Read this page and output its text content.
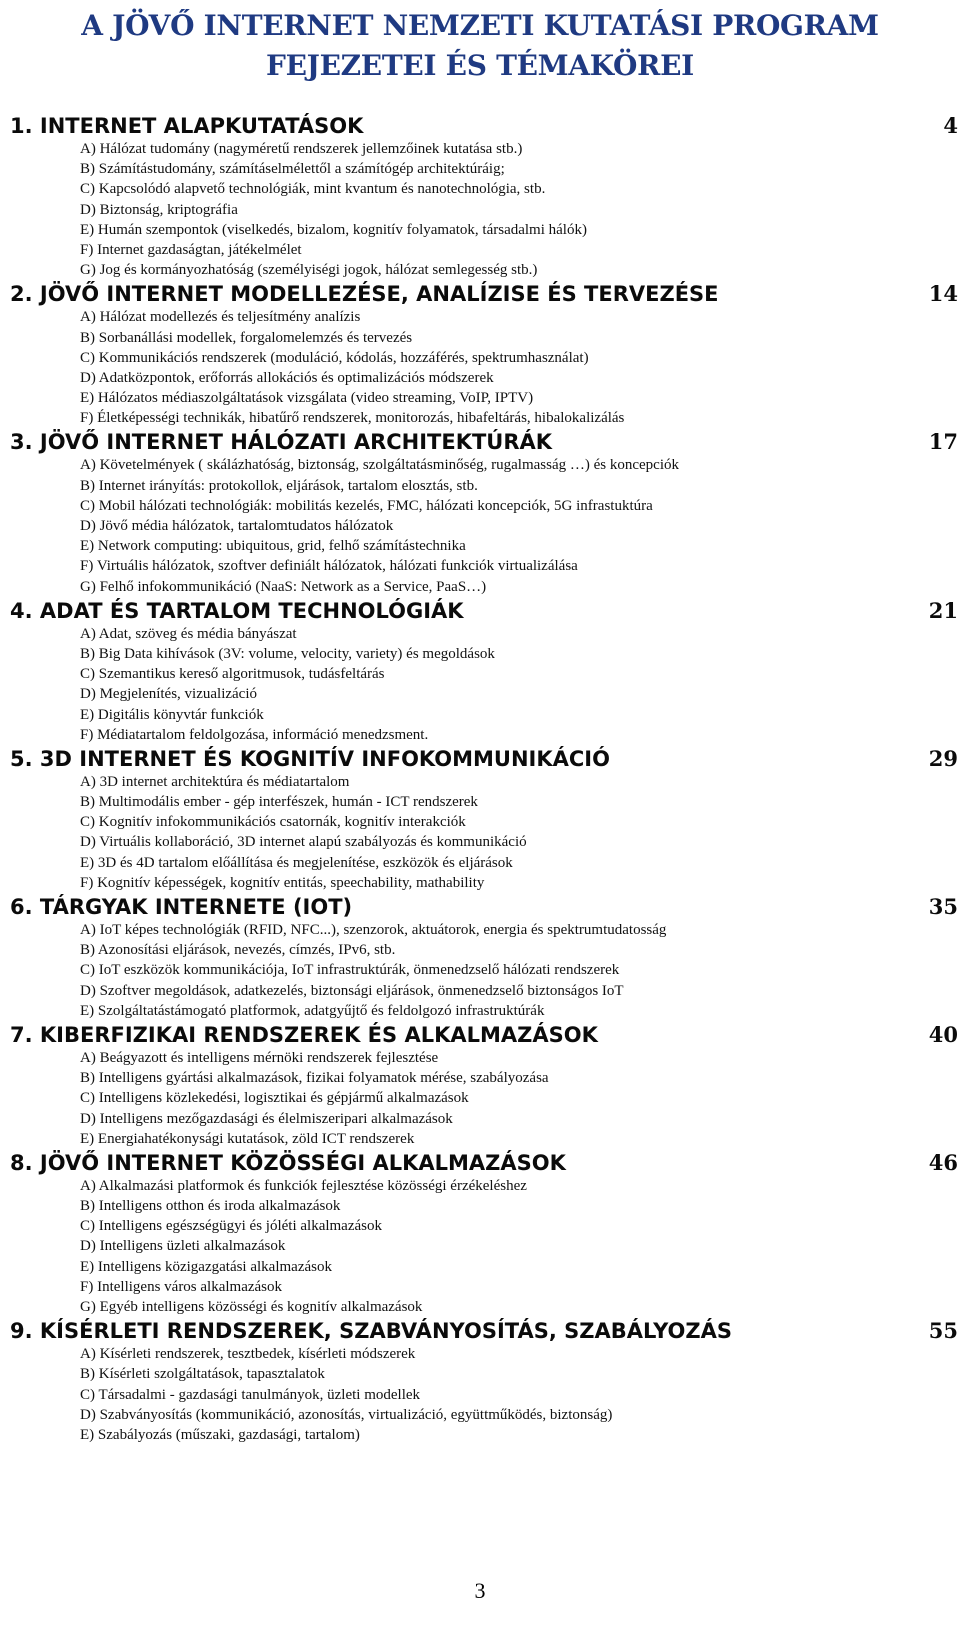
A JÖVŐ INTERNET NEMZETI KUTATÁSI PROGRAM
FEJEZETEI ÉS TÉMAKÖREI
1. INTERNET ALAPKUTATÁSOK	4
A) Hálózat tudomány (nagyméretű rendszerek jellemzőinek kutatása stb.)
B) Számítástudomány, számításelmélettől a számítógép architektúráig;
C) Kapcsolódó alapvető technológiák, mint kvantum és nanotechnológia, stb.
D) Biztonság, kriptográfia
E) Humán szempontok (viselkedés, bizalom, kognitív folyamatok, társadalmi hálók)
F) Internet gazdaságtan, játékelmélet
G) Jog és kormányozhatóság (személyiségi jogok, hálózat semlegesség stb.)
2. JÖVŐ INTERNET MODELLEZÉSE, ANALÍZISE ÉS TERVEZÉSE	14
A) Hálózat modellezés és teljesítmény analízis
B) Sorbanállási modellek, forgalomelemzés és tervezés
C) Kommunikációs rendszerek (moduláció, kódolás, hozzáférés, spektrumhasználat)
D) Adatközpontok, erőforrás allokációs és optimalizációs módszerek
E) Hálózatos médiaszolgáltatások vizsgálata (video streaming, VoIP, IPTV)
F) Életképességi technikák, hibatűrő rendszerek, monitorozás, hibafeltárás, hibalokalizálás
3. JÖVŐ INTERNET HÁLÓZATI ARCHITEKTÚRÁK	17
A) Követelmények ( skálázhatóság, biztonság, szolgáltatásminőség, rugalmasság …) és koncepciók
B) Internet irányítás: protokollok, eljárások, tartalom elosztás, stb.
C) Mobil hálózati technológiák: mobilitás kezelés, FMC, hálózati koncepciók, 5G infrastuktúra
D) Jövő média hálózatok, tartalomtudatos hálózatok
E) Network computing: ubiquitous, grid, felhő számítástechnika
F) Virtuális hálózatok, szoftver definiált hálózatok, hálózati funkciók virtualizálása
G) Felhő infokommunikáció (NaaS: Network as a Service, PaaS…)
4. ADAT ÉS TARTALOM TECHNOLÓGIÁK	21
A) Adat, szöveg és média bányászat
B) Big Data kihívások (3V: volume, velocity, variety) és megoldások
C) Szemantikus kereső algoritmusok, tudásfeltárás
D) Megjelenítés, vizualizáció
E) Digitális könyvtár funkciók
F) Médiatartalom feldolgozása, információ menedzsment.
5. 3D INTERNET ÉS KOGNITÍV INFOKOMMUNIKÁCIÓ	29
A) 3D internet architektúra és médiatartalom
B) Multimodális ember - gép interfészek, humán - ICT rendszerek
C) Kognitív infokommunikációs csatornák, kognitív interakciók
D) Virtuális kollaboráció, 3D internet alapú szabályozás és kommunikáció
E) 3D és 4D tartalom előállítása és megjelenítése, eszközök és eljárások
F) Kognitív képességek, kognitív entitás, speechability, mathability
6. TÁRGYAK INTERNETE (IOT)	35
A) IoT képes technológiák (RFID, NFC...), szenzorok, aktuátorok, energia és spektrumtudatosság
B) Azonosítási eljárások, nevezés, címzés, IPv6, stb.
C) IoT eszközök kommunikációja, IoT infrastruktúrák, önmenedzselő hálózati rendszerek
D) Szoftver megoldások, adatkezelés, biztonsági eljárások, önmenedzselő biztonságos IoT
E) Szolgáltatástámogató platformok, adatgyűjtő és feldolgozó infrastruktúrák
7. KIBERFIZIKAI RENDSZEREK ÉS ALKALMAZÁSOK	40
A) Beágyazott és intelligens mérnöki rendszerek fejlesztése
B) Intelligens gyártási alkalmazások, fizikai folyamatok mérése, szabályozása
C) Intelligens közlekedési, logisztikai és gépjármű alkalmazások
D) Intelligens mezőgazdasági és élelmiszeripari alkalmazások
E) Energiahatékonysági kutatások, zöld ICT rendszerek
8. JÖVŐ INTERNET KÖZÖSSÉGI ALKALMAZÁSOK	46
A) Alkalmazási platformok és funkciók fejlesztése közösségi érzékeléshez
B) Intelligens otthon és iroda alkalmazások
C) Intelligens egészségügyi és jóléti alkalmazások
D) Intelligens üzleti alkalmazások
E) Intelligens közigazgatási alkalmazások
F) Intelligens város alkalmazások
G) Egyéb intelligens közösségi és kognitív alkalmazások
9. KÍSÉRLETI RENDSZEREK, SZABVÁNYOSÍTÁS, SZABÁLYOZÁS	55
A) Kísérleti rendszerek, tesztbedek, kísérleti módszerek
B) Kísérleti szolgáltatások, tapasztalatok
C) Társadalmi - gazdasági tanulmányok, üzleti modellek
D) Szabványosítás (kommunikáció, azonosítás, virtualizáció, együttműködés, biztonság)
E) Szabályozás (műszaki, gazdasági, tartalom)
3
